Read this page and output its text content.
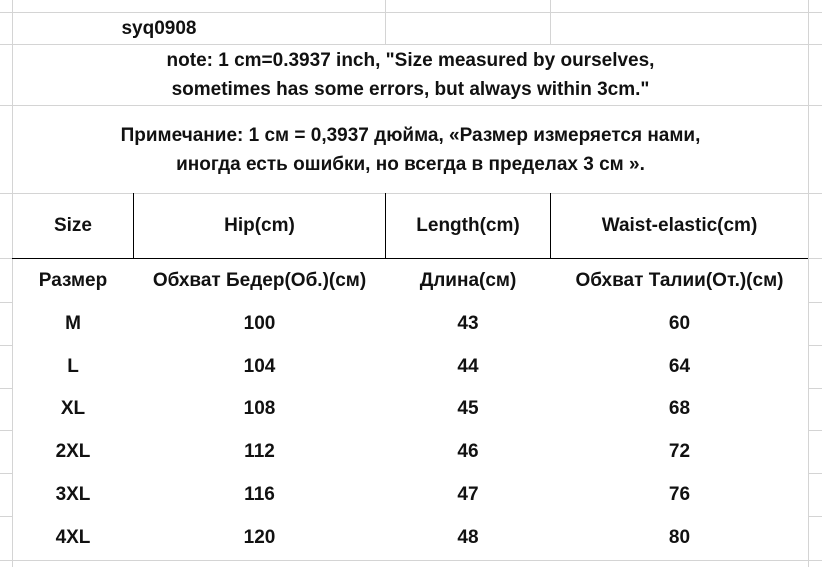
syq0908
note: 1 cm=0.3937 inch, "Size measured by ourselves,
sometimes has some errors, but always within 3cm."
Примечание: 1 см = 0,3937 дюйма, «Размер измеряется нами,
иногда есть ошибки, но всегда в пределах 3 см ».
Size	Hip(cm)	Length(cm)	Waist-elastic(cm)
Размер	Обхват Бедер(Об.)(см)	Длина(см)	Обхват Талии(От.)(см)
M	100	43	60
L	104	44	64
XL	108	45	68
2XL	112	46	72
3XL	116	47	76
4XL	120	48	80
